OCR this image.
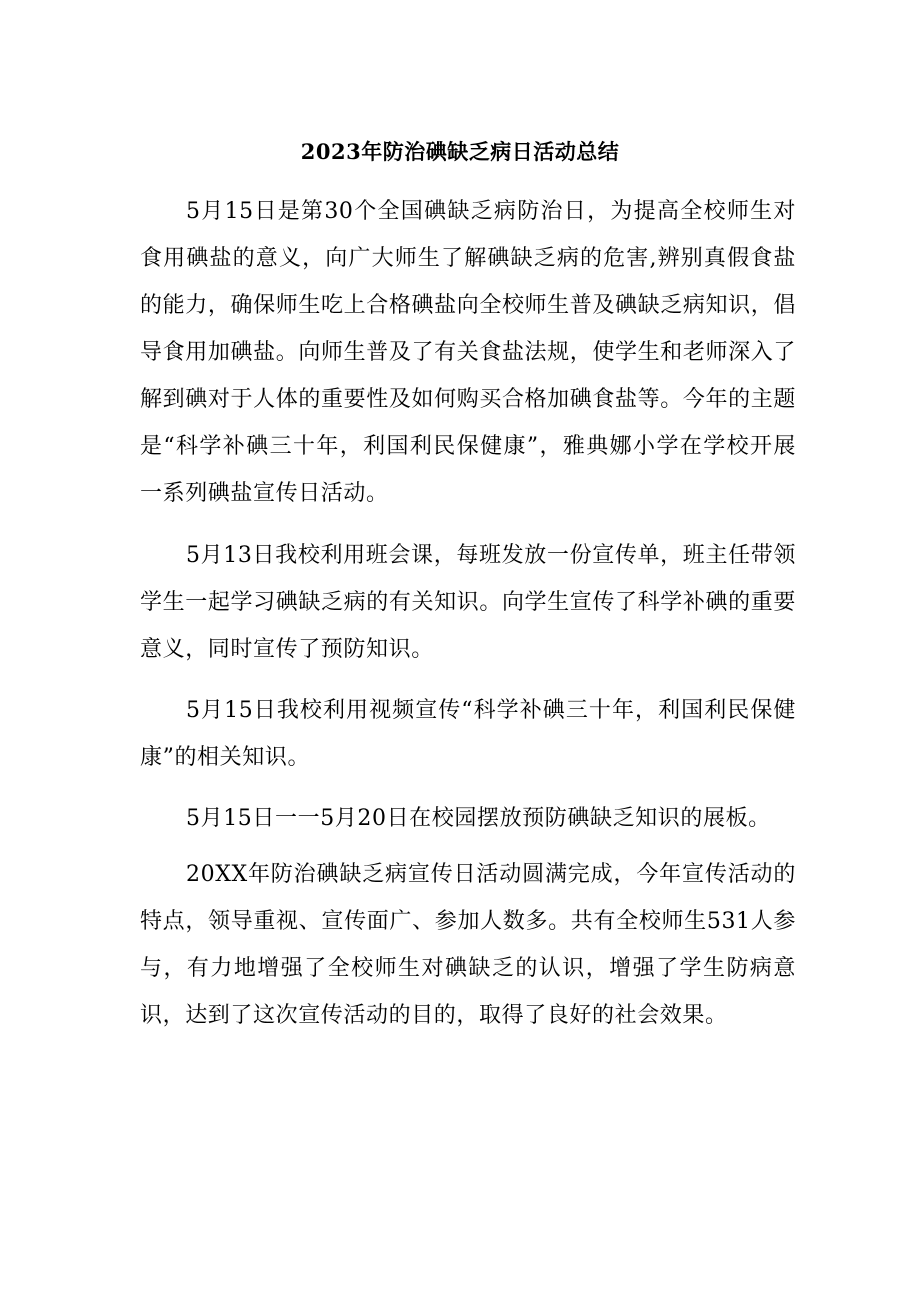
2023年防治碘缺乏病日活动总结

5月15日是第30个全国碘缺乏病防治日，为提高全校师生对食用碘盐的意义，向广大师生了解碘缺乏病的危害,辨别真假食盐的能力，确保师生吃上合格碘盐向全校师生普及碘缺乏病知识，倡导食用加碘盐。向师生普及了有关食盐法规，使学生和老师深入了解到碘对于人体的重要性及如何购买合格加碘食盐等。今年的主题是“科学补碘三十年，利国利民保健康”，雅典娜小学在学校开展一系列碘盐宣传日活动。

5月13日我校利用班会课，每班发放一份宣传单，班主任带领学生一起学习碘缺乏病的有关知识。向学生宣传了科学补碘的重要意义，同时宣传了预防知识。

5月15日我校利用视频宣传“科学补碘三十年，利国利民保健康”的相关知识。

5月15日一一5月20日在校园摆放预防碘缺乏知识的展板。

20XX年防治碘缺乏病宣传日活动圆满完成，今年宣传活动的特点，领导重视、宣传面广、参加人数多。共有全校师生531人参与，有力地增强了全校师生对碘缺乏的认识，增强了学生防病意识，达到了这次宣传活动的目的，取得了良好的社会效果。
